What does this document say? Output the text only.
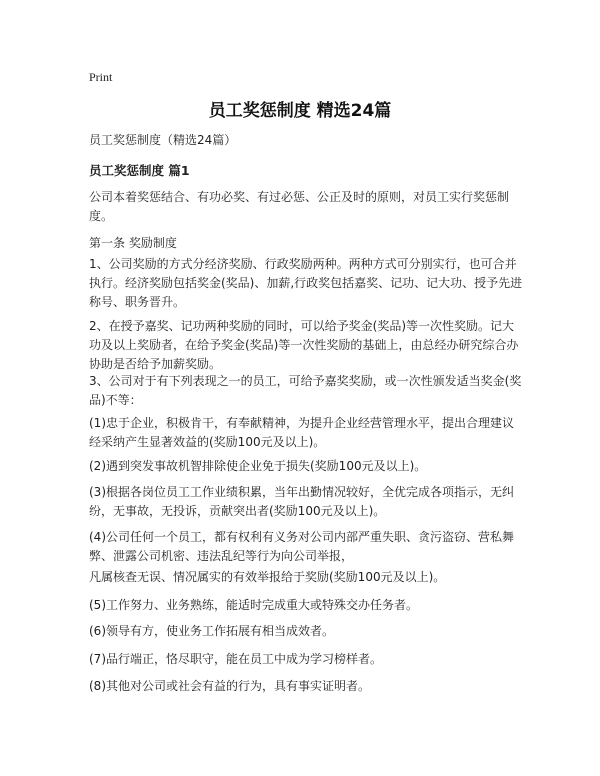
Print
员工奖惩制度 精选24篇
员工奖惩制度（精选24篇）
员工奖惩制度 篇1
公司本着奖惩结合、有功必奖、有过必惩、公正及时的原则，对员工实行奖惩制度。
第一条 奖励制度
1、公司奖励的方式分经济奖励、行政奖励两种。两种方式可分别实行，也可合并执行。经济奖励包括奖金(奖品)、加薪,行政奖包括嘉奖、记功、记大功、授予先进称号、职务晋升。
2、在授予嘉奖、记功两种奖励的同时，可以给予奖金(奖品)等一次性奖励。记大功及以上奖励者，在给予奖金(奖品)等一次性奖励的基础上，由总经办研究综合办协助是否给予加薪奖励。
3、公司对于有下列表现之一的员工，可给予嘉奖奖励，或一次性颁发适当奖金(奖品)不等：
(1)忠于企业，积极肯干，有奉献精神，为提升企业经营管理水平，提出合理建议经采纳产生显著效益的(奖励100元及以上)。
(2)遇到突发事故机智排除使企业免于损失(奖励100元及以上)。
(3)根据各岗位员工工作业绩积累，当年出勤情况较好，全优完成各项指示，无纠纷，无事故，无投诉，贡献突出者(奖励100元及以上)。
(4)公司任何一个员工，都有权利有义务对公司内部严重失职、贪污盗窃、营私舞弊、泄露公司机密、违法乱纪等行为向公司举报，
凡属核查无误、情况属实的有效举报给于奖励(奖励100元及以上)。
(5)工作努力、业务熟练，能适时完成重大或特殊交办任务者。
(6)领导有方，使业务工作拓展有相当成效者。
(7)品行端正，恪尽职守，能在员工中成为学习榜样者。
(8)其他对公司或社会有益的行为，具有事实证明者。
